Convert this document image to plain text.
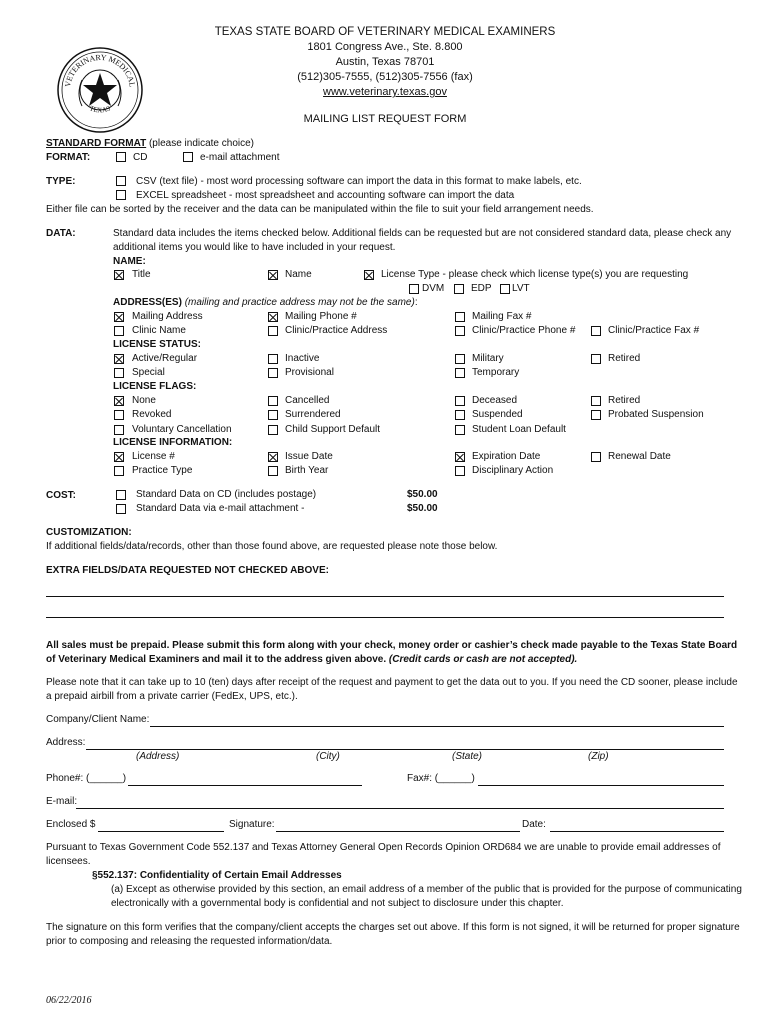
VETERINARY MEDICAL
TEXAS
TEXAS STATE BOARD OF VETERINARY MEDICAL EXAMINERS
1801 Congress Ave., Ste. 8.800
Austin, Texas 78701
(512)305-7555, (512)305-7556 (fax)
www.veterinary.texas.gov
MAILING LIST REQUEST FORM
STANDARD FORMAT (please indicate choice)
FORMAT:	CD	e-mail attachment
TYPE:	CSV (text file) - most word processing software can import the data in this format to make labels, etc.
EXCEL spreadsheet - most spreadsheet and accounting software can import the data
Either file can be sorted by the receiver and the data can be manipulated within the file to suit your field arrangement needs.
DATA:	Standard data includes the items checked below. Additional fields can be requested but are not considered standard data, please check any
additional items you would like to have included in your request.
NAME:
Title	Name	License Type - please check which license type(s) you are requesting
DVM	EDP LVT
ADDRESS(ES) (mailing and practice address may not be the same):
Mailing Address	Mailing Phone #	Mailing Fax #
Clinic Name	Clinic/Practice Address	Clinic/Practice Phone #	Clinic/Practice Fax #
LICENSE STATUS:
Active/Regular	Inactive	Military	Retired
Special	Provisional	Temporary
LICENSE FLAGS:
None	Cancelled	Deceased	Retired
Revoked	Surrendered	Suspended	Probated Suspension
Voluntary Cancellation	Child Support Default	Student Loan Default
LICENSE INFORMATION:
License #	Issue Date	Expiration Date	Renewal Date
Practice Type	Birth Year	Disciplinary Action
COST:	Standard Data on CD (includes postage)	$50.00
Standard Data via e-mail attachment -	$50.00
CUSTOMIZATION:
If additional fields/data/records, other than those found above, are requested please note those below.
EXTRA FIELDS/DATA REQUESTED NOT CHECKED ABOVE:
All sales must be prepaid. Please submit this form along with your check, money order or cashier’s check made payable to the Texas State Board
of Veterinary Medical Examiners and mail it to the address given above. (Credit cards or cash are not accepted).
Please note that it can take up to 10 (ten) days after receipt of the request and payment to get the data out to you. If you need the CD sooner, please include
a prepaid airbill from a private carrier (FedEx, UPS, etc.).
Company/Client Name:
Address:
(Address)	(City)	(State)	(Zip)
Phone#: (______)	Fax#: (______)
E-mail:
Enclosed $	Signature:	Date:
Pursuant to Texas Government Code 552.137 and Texas Attorney General Open Records Opinion ORD684 we are unable to provide email addresses of
licensees.
§552.137: Confidentiality of Certain Email Addresses
(a) Except as otherwise provided by this section, an email address of a member of the public that is provided for the purpose of communicating
electronically with a governmental body is confidential and not subject to disclosure under this chapter.
The signature on this form verifies that the company/client accepts the charges set out above. If this form is not signed, it will be returned for proper signature
prior to composing and releasing the requested information/data.
06/22/2016
